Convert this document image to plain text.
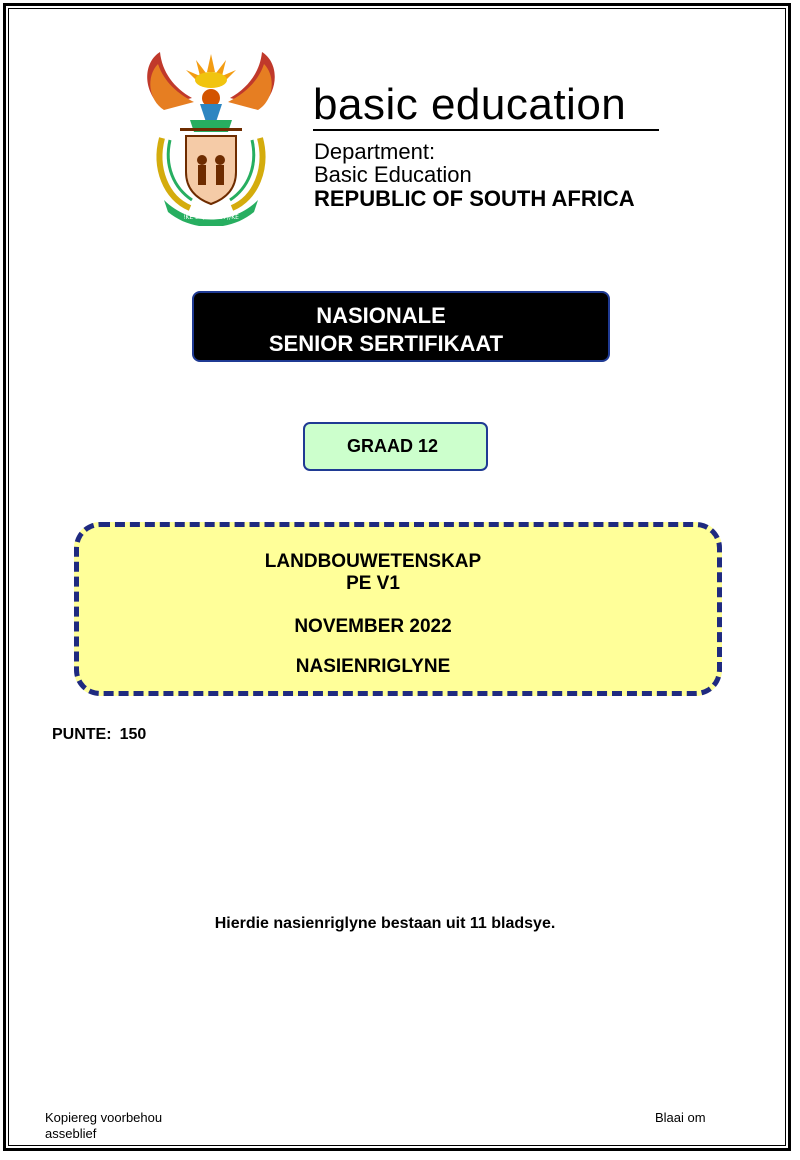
!KE E: /XARRA //KE
basic education
Department:
Basic Education
REPUBLIC OF SOUTH AFRICA
NASIONALE
SENIOR SERTIFIKAAT
GRAAD 12
LANDBOUWETENSKAP
PE V1
NOVEMBER 2022
NASIENRIGLYNE
PUNTE: 150
Hierdie nasienriglyne bestaan uit 11 bladsye.
Kopiereg voorbehou
asseblief
Blaai om
